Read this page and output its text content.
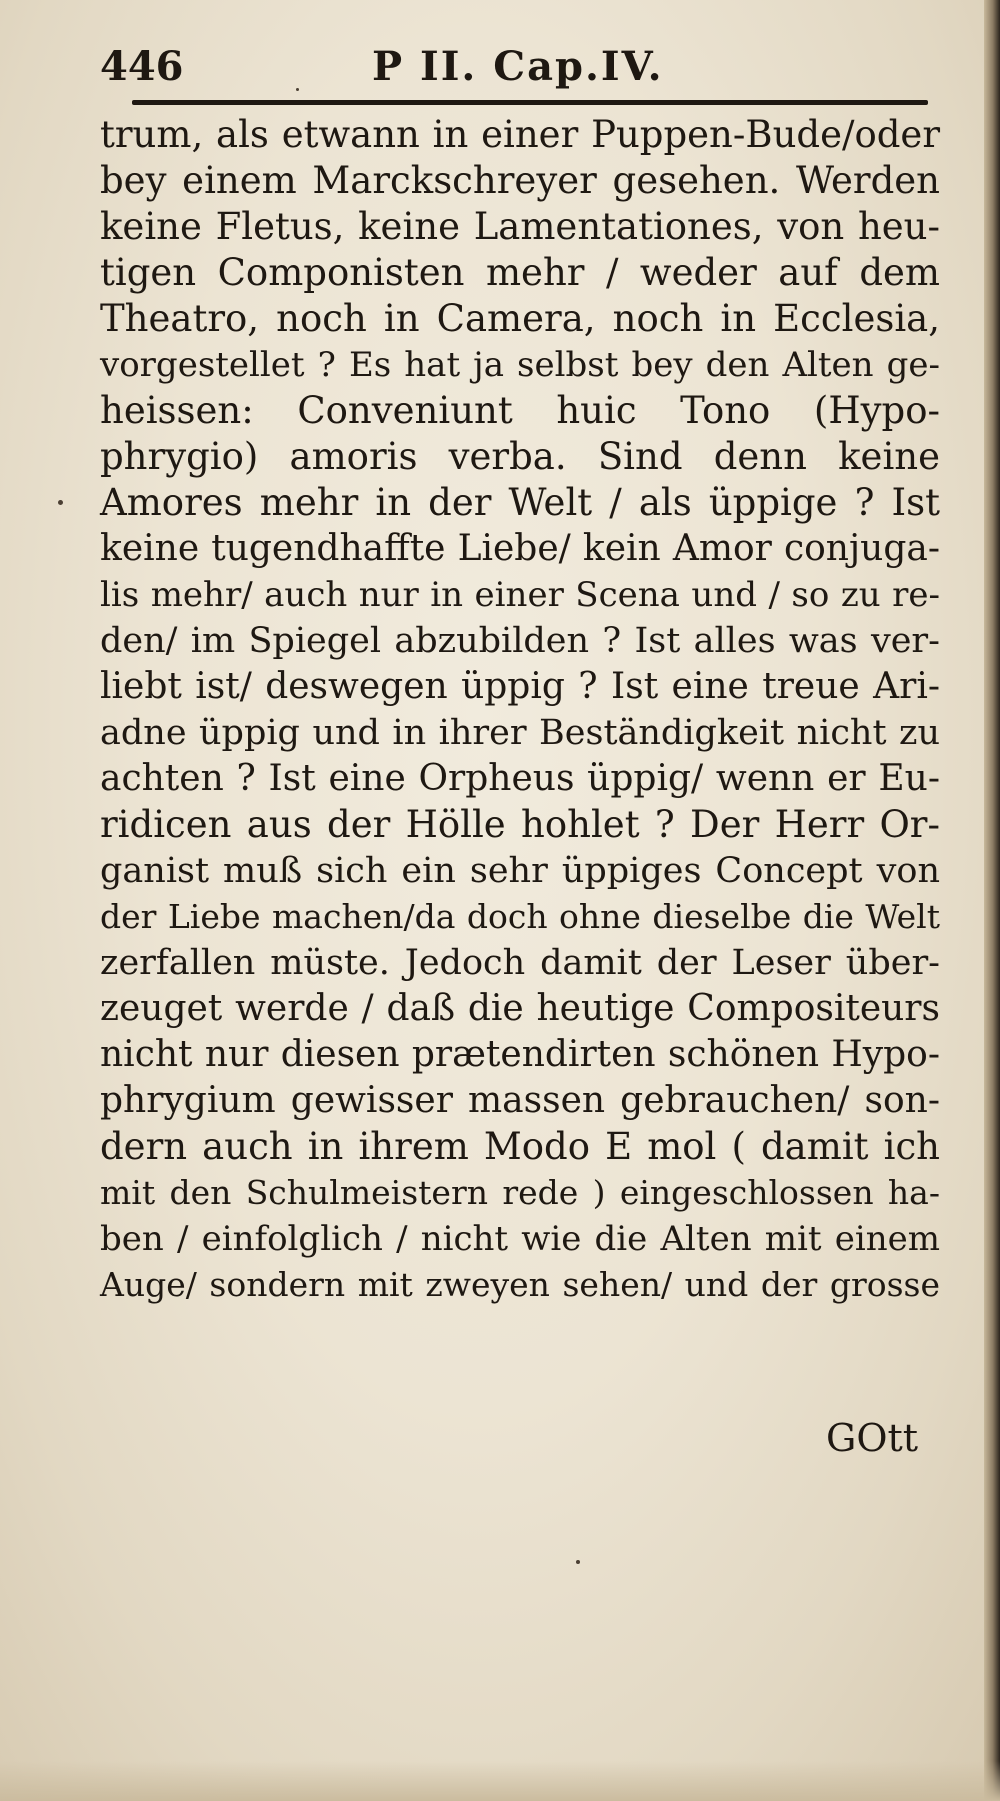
446	P II. Cap.IV.
trum, als etwann in einer Puppen-Bude/oder
bey einem Marckschreyer gesehen. Werden
keine Fletus, keine Lamentationes, von heu-
tigen Componisten mehr / weder auf dem
Theatro, noch in Camera, noch in Ecclesia,
vorgestellet ? Es hat ja selbst bey den Alten ge-
heissen: Conveniunt huic Tono (Hypo-
phrygio) amoris verba. Sind denn keine
Amores mehr in der Welt / als üppige ? Ist
keine tugendhaffte Liebe/ kein Amor conjuga-
lis mehr/ auch nur in einer Scena und / so zu re-
den/ im Spiegel abzubilden ? Ist alles was ver-
liebt ist/ deswegen üppig ? Ist eine treue Ari-
adne üppig und in ihrer Beständigkeit nicht zu
achten ? Ist eine Orpheus üppig/ wenn er Eu-
ridicen aus der Hölle hohlet ? Der Herr Or-
ganist muß sich ein sehr üppiges Concept von
der Liebe machen/da doch ohne dieselbe die Welt
zerfallen müste. Jedoch damit der Leser über-
zeuget werde / daß die heutige Compositeurs
nicht nur diesen prætendirten schönen Hypo-
phrygium gewisser massen gebrauchen/ son-
dern auch in ihrem Modo E mol ( damit ich
mit den Schulmeistern rede ) eingeschlossen ha-
ben / einfolglich / nicht wie die Alten mit einem
Auge/ sondern mit zweyen sehen/ und der grosse
GOtt
